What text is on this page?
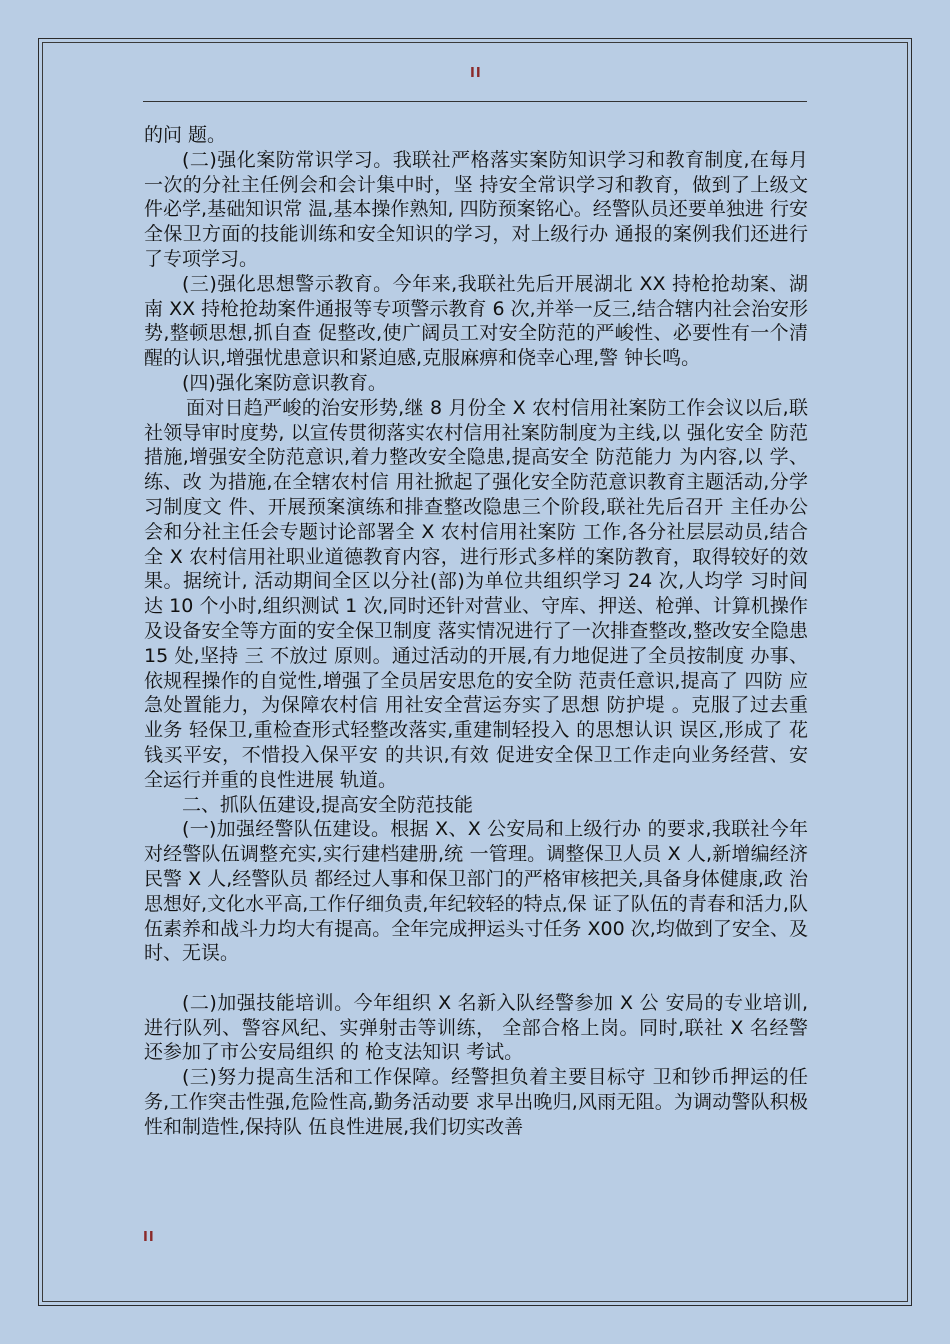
II

的问 题。

(二)强化案防常识学习。我联社严格落实案防知识学习和教育制度,在每月一次的分社主任例会和会计集中时，坚 持安全常识学习和教育，做到了上级文件必学,基础知识常 温,基本操作熟知, 四防预案铭心。经警队员还要单独进 行安全保卫方面的技能训练和安全知识的学习，对上级行办 通报的案例我们还进行了专项学习。

(三)强化思想警示教育。今年来,我联社先后开展湖北 XX 持枪抢劫案、湖南 XX 持枪抢劫案件通报等专项警示教育 6 次,并举一反三,结合辖内社会治安形势,整顿思想,抓自查 促整改,使广阔员工对安全防范的严峻性、必要性有一个清 醒的认识,增强忧患意识和紧迫感,克服麻痹和侥幸心理,警 钟长鸣。

(四)强化案防意识教育。

面对日趋严峻的治安形势,继 8 月份全 X 农村信用社案防工作会议以后,联社领导审时度势, 以宣传贯彻落实农村信用社案防制度为主线,以 强化安全 防范措施,增强安全防范意识,着力整改安全隐患,提高安全 防范能力 为内容,以 学、练、改 为措施,在全辖农村信 用社掀起了强化安全防范意识教育主题活动,分学习制度文 件、开展预案演练和排查整改隐患三个阶段,联社先后召开 主任办公会和分社主任会专题讨论部署全 X 农村信用社案防 工作,各分社层层动员,结合全 X 农村信用社职业道德教育内容，进行形式多样的案防教育，取得较好的效果。据统计, 活动期间全区以分社(部)为单位共组织学习 24 次,人均学 习时间达 10 个小时,组织测试 1 次,同时还针对营业、守库、押送、枪弹、计算机操作及设备安全等方面的安全保卫制度 落实情况进行了一次排查整改,整改安全隐患 15 处,坚持 三 不放过 原则。通过活动的开展,有力地促进了全员按制度 办事、依规程操作的自觉性,增强了全员居安思危的安全防 范责任意识,提高了 四防 应急处置能力，为保障农村信 用社安全营运夯实了思想 防护堤 。克服了过去重业务 轻保卫,重检查形式轻整改落实,重建制轻投入 的思想认识 误区,形成了 花钱买平安，不惜投入保平安 的共识,有效 促进安全保卫工作走向业务经营、安全运行并重的良性进展 轨道。

二、抓队伍建设,提高安全防范技能

(一)加强经警队伍建设。根据 X、X 公安局和上级行办 的要求,我联社今年对经警队伍调整充实,实行建档建册,统 一管理。调整保卫人员 X 人,新增编经济民警 X 人,经警队员 都经过人事和保卫部门的严格审核把关,具备身体健康,政 治思想好,文化水平高,工作仔细负责,年纪较轻的特点,保 证了队伍的青春和活力,队伍素养和战斗力均大有提高。全年完成押运头寸任务 X00 次,均做到了安全、及时、无误。

(二)加强技能培训。今年组织 X 名新入队经警参加 X 公 安局的专业培训, 进行队列、警容风纪、实弹射击等训练， 全部合格上岗。同时,联社 X 名经警还参加了市公安局组织 的 枪支法知识 考试。

(三)努力提高生活和工作保障。经警担负着主要目标守 卫和钞币押运的任务,工作突击性强,危险性高,勤务活动要 求早出晚归,风雨无阻。为调动警队积极性和制造性,保持队 伍良性进展,我们切实改善

II
